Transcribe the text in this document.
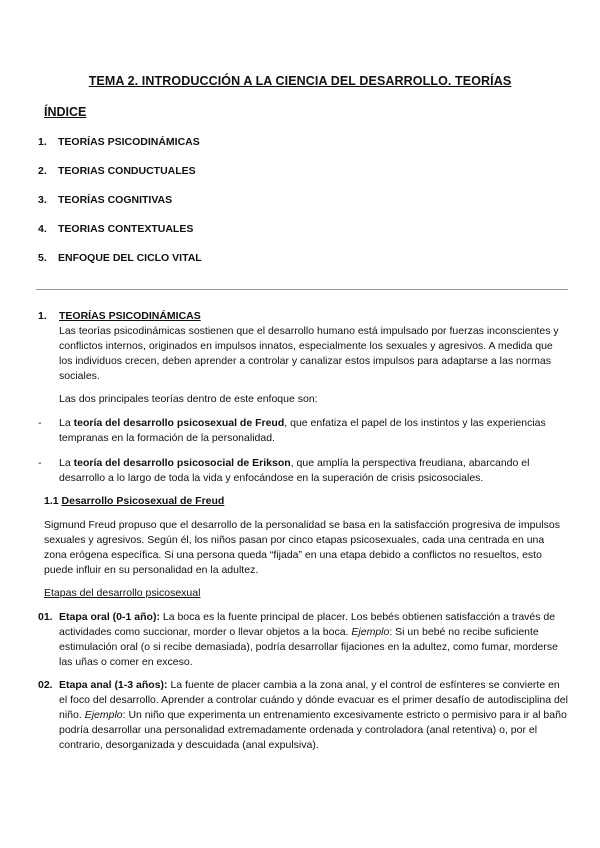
TEMA 2. INTRODUCCIÓN A LA CIENCIA DEL DESARROLLO. TEORÍAS
ÍNDICE
1. TEORÍAS PSICODINÁMICAS
2. TEORIAS CONDUCTUALES
3. TEORÍAS COGNITIVAS
4. TEORIAS CONTEXTUALES
5. ENFOQUE DEL CICLO VITAL
1. TEORÍAS PSICODINÁMICAS
Las teorías psicodinámicas sostienen que el desarrollo humano está impulsado por fuerzas inconscientes y conflictos internos, originados en impulsos innatos, especialmente los sexuales y agresivos. A medida que los individuos crecen, deben aprender a controlar y canalizar estos impulsos para adaptarse a las normas sociales.
Las dos principales teorías dentro de este enfoque son:
- La teoría del desarrollo psicosexual de Freud, que enfatiza el papel de los instintos y las experiencias tempranas en la formación de la personalidad.
- La teoría del desarrollo psicosocial de Erikson, que amplía la perspectiva freudiana, abarcando el desarrollo a lo largo de toda la vida y enfocándose en la superación de crisis psicosociales.
1.1 Desarrollo Psicosexual de Freud
Sigmund Freud propuso que el desarrollo de la personalidad se basa en la satisfacción progresiva de impulsos sexuales y agresivos. Según él, los niños pasan por cinco etapas psicosexuales, cada una centrada en una zona erógena específica. Si una persona queda “fijada” en una etapa debido a conflictos no resueltos, esto puede influir en su personalidad en la adultez.
Etapas del desarrollo psicosexual
01. Etapa oral (0-1 año): La boca es la fuente principal de placer. Los bebés obtienen satisfacción a través de actividades como succionar, morder o llevar objetos a la boca. Ejemplo: Si un bebé no recibe suficiente estimulación oral (o si recibe demasiada), podría desarrollar fijaciones en la adultez, como fumar, morderse las uñas o comer en exceso.
02. Etapa anal (1-3 años): La fuente de placer cambia a la zona anal, y el control de esfínteres se convierte en el foco del desarrollo. Aprender a controlar cuándo y dónde evacuar es el primer desafío de autodisciplina del niño. Ejemplo: Un niño que experimenta un entrenamiento excesivamente estricto o permisivo para ir al baño podría desarrollar una personalidad extremadamente ordenada y controladora (anal retentiva) o, por el contrario, desorganizada y descuidada (anal expulsiva).
